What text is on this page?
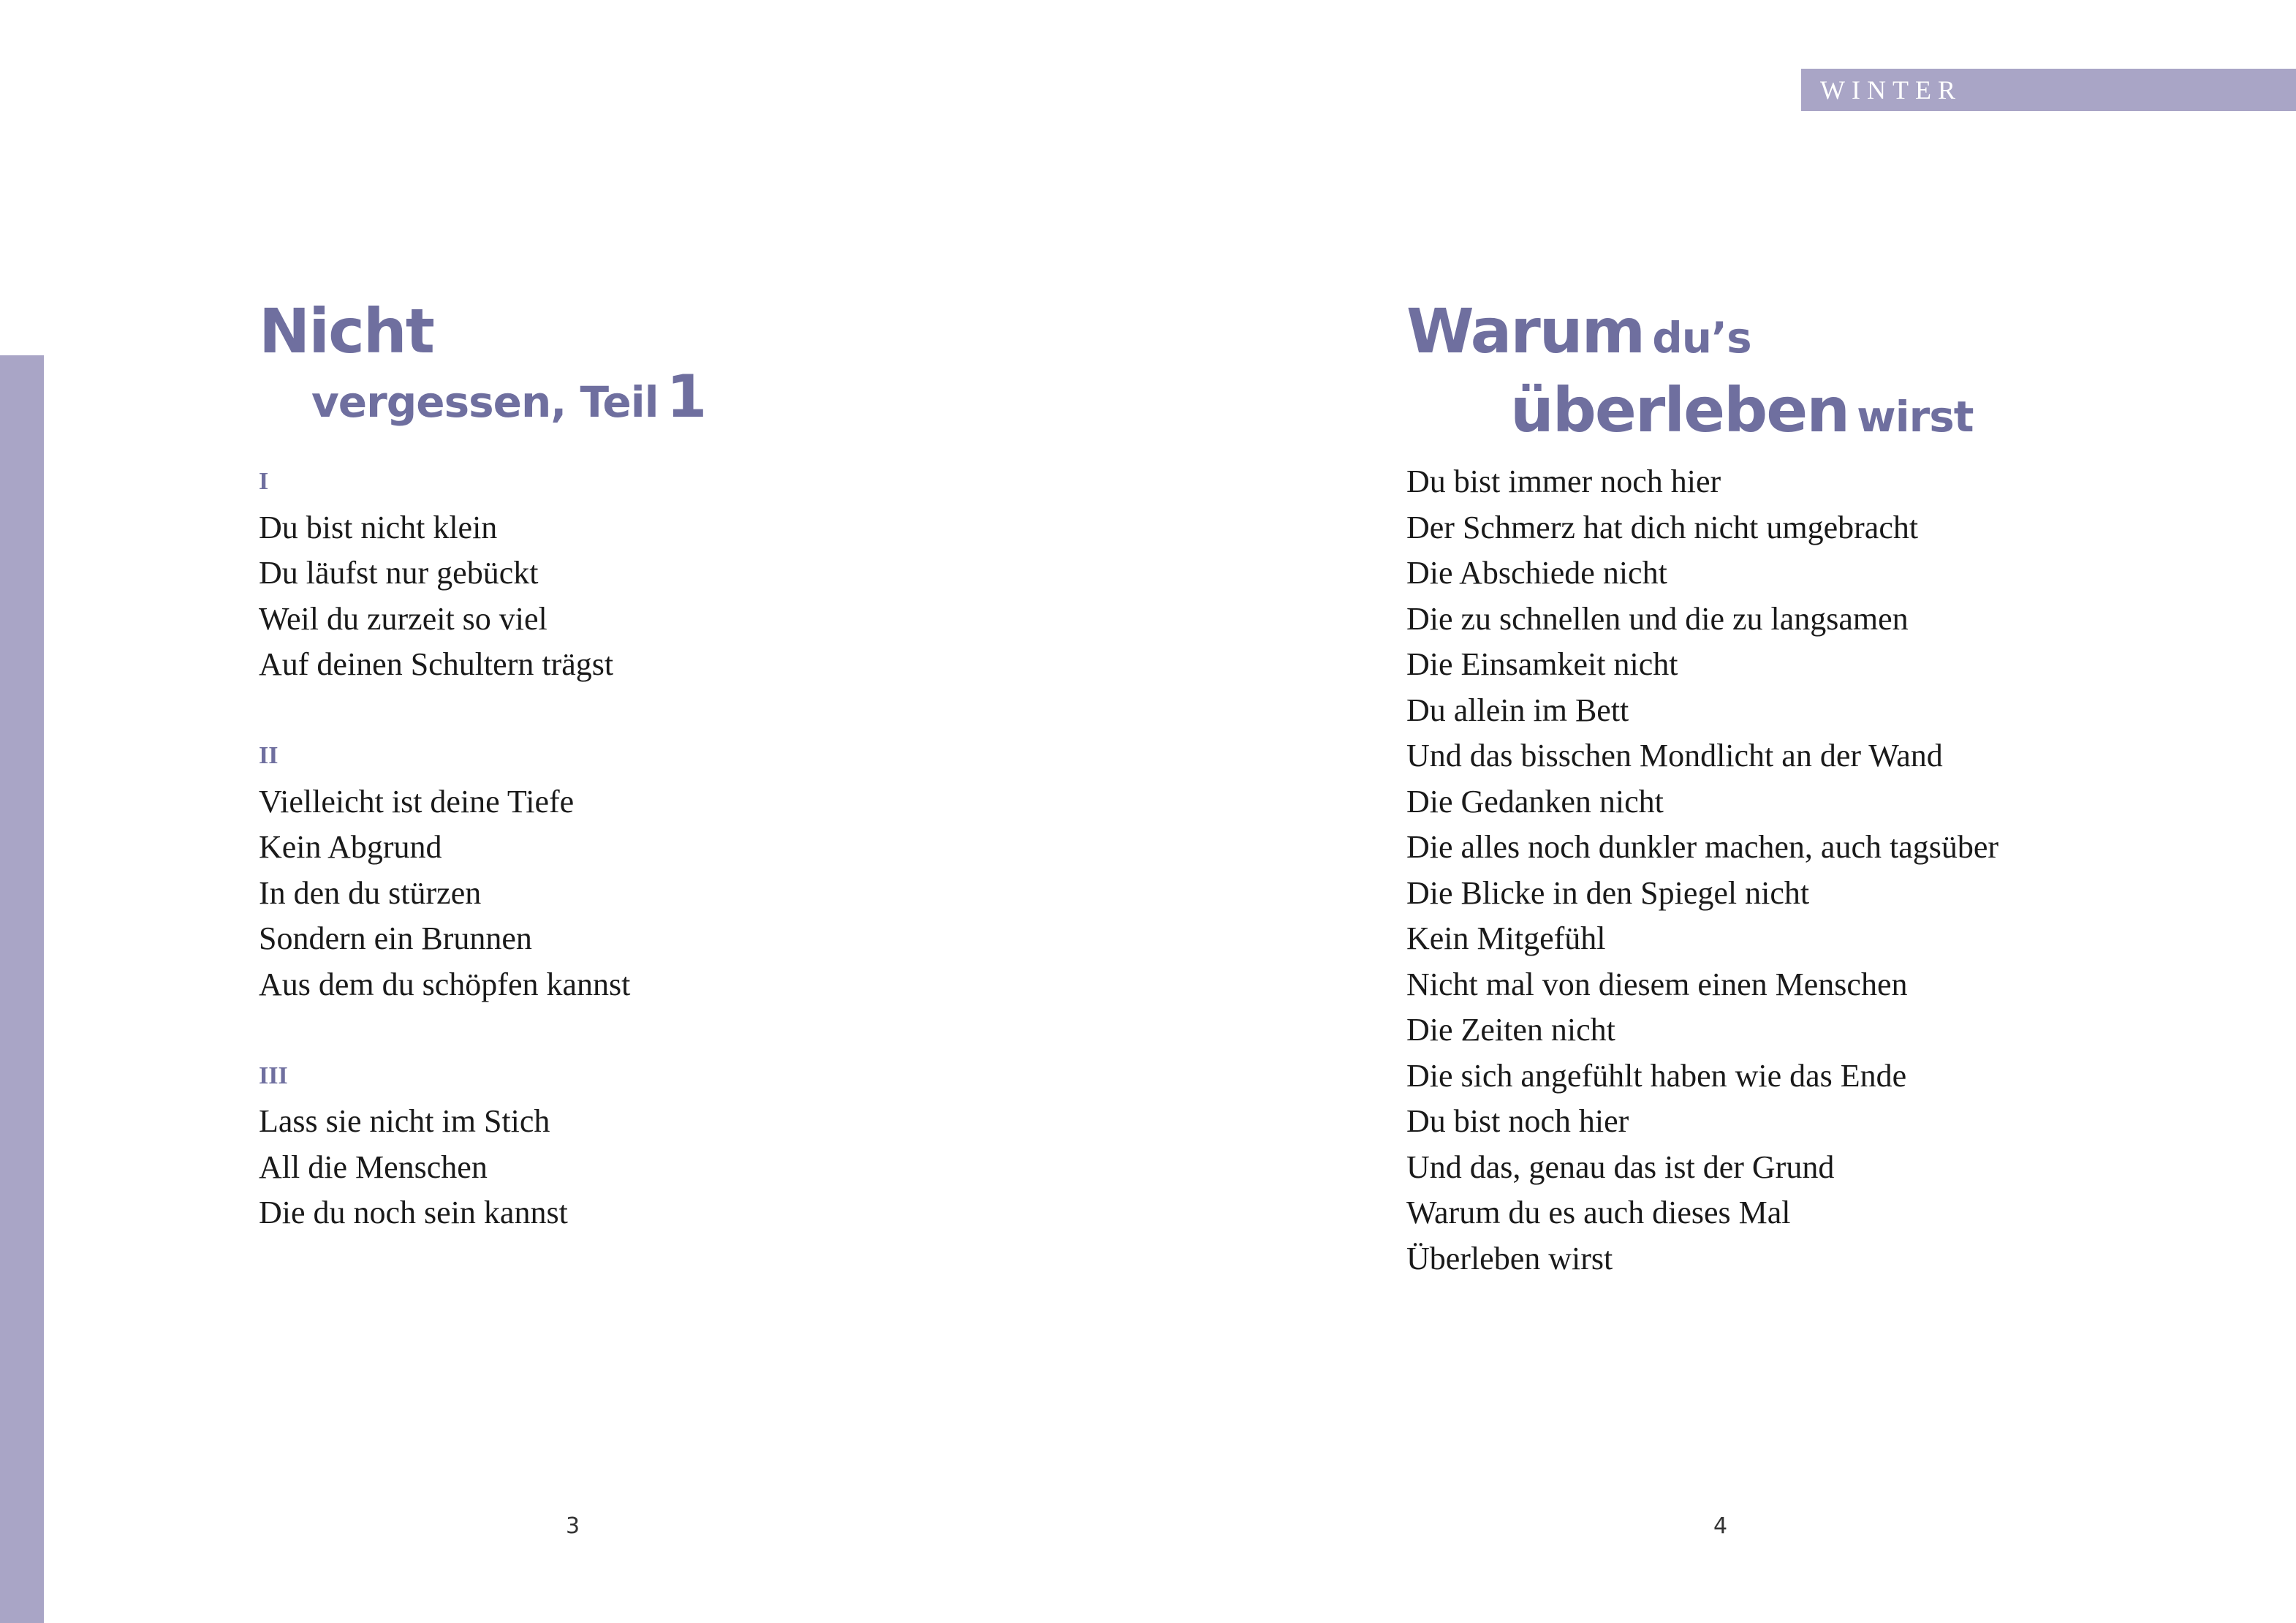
WINTER
Nicht
vergessen, Teil 1
I
Du bist nicht klein
Du läufst nur gebückt
Weil du zurzeit so viel
Auf deinen Schultern trägst
II
Vielleicht ist deine Tiefe
Kein Abgrund
In den du stürzen
Sondern ein Brunnen
Aus dem du schöpfen kannst
III
Lass sie nicht im Stich
All die Menschen
Die du noch sein kannst
3
Warum du’s
überleben wirst
Du bist immer noch hier
Der Schmerz hat dich nicht umgebracht
Die Abschiede nicht
Die zu schnellen und die zu langsamen
Die Einsamkeit nicht
Du allein im Bett
Und das bisschen Mondlicht an der Wand
Die Gedanken nicht
Die alles noch dunkler machen, auch tagsüber
Die Blicke in den Spiegel nicht
Kein Mitgefühl
Nicht mal von diesem einen Menschen
Die Zeiten nicht
Die sich angefühlt haben wie das Ende
Du bist noch hier
Und das, genau das ist der Grund
Warum du es auch dieses Mal
Überleben wirst
4
